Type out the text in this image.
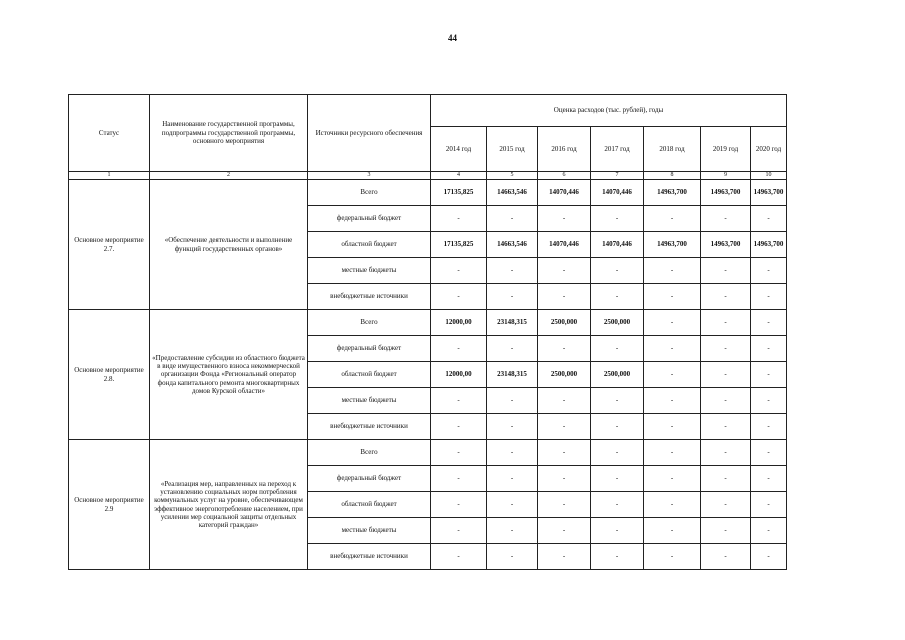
44
Статус	Наименование государственной программы, подпрограммы государственной программы, основного мероприятия	Источники ресурсного обеспечения	Оценка расходов (тыс. рублей), годы						
			2014 год	2015 год	2016 год	2017 год	2018 год	2019 год	2020 год
1	2	3	4	5	6	7	8	9	10
Основное мероприятие 2.7.	«Обеспечение деятельности и выполнение функций государственных органов»	Всего	17135,825	14663,546	14070,446	14070,446	14963,700	14963,700	14963,700
		федеральный бюджет	-	-	-	-	-	-	-
		областной бюджет	17135,825	14663,546	14070,446	14070,446	14963,700	14963,700	14963,700
		местные бюджеты	-	-	-	-	-	-	-
		внебюджетные источники	-	-	-	-	-	-	-
Основное мероприятие 2.8.	«Предоставление субсидии из областного бюджета в виде имущественного взноса некоммерческой организации Фонда «Региональный оператор фонда капитального ремонта многоквартирных домов Курской области»	Всего	12000,00	23148,315	2500,000	2500,000	-	-	-
		федеральный бюджет	-	-	-	-	-	-	-
		областной бюджет	12000,00	23148,315	2500,000	2500,000	-	-	-
		местные бюджеты	-	-	-	-	-	-	-
		внебюджетные источники	-	-	-	-	-	-	-
Основное мероприятие 2.9	«Реализация мер, направленных на переход к установлению социальных норм потребления коммунальных услуг на уровне, обеспечивающем эффективное энергопотребление населением, при усилении мер социальной защиты отдельных категорий граждан»	Всего	-	-	-	-	-	-	-
		федеральный бюджет	-	-	-	-	-	-	-
		областной бюджет	-	-	-	-	-	-	-
		местные бюджеты	-	-	-	-	-	-	-
		внебюджетные источники	-	-	-	-	-	-	-
